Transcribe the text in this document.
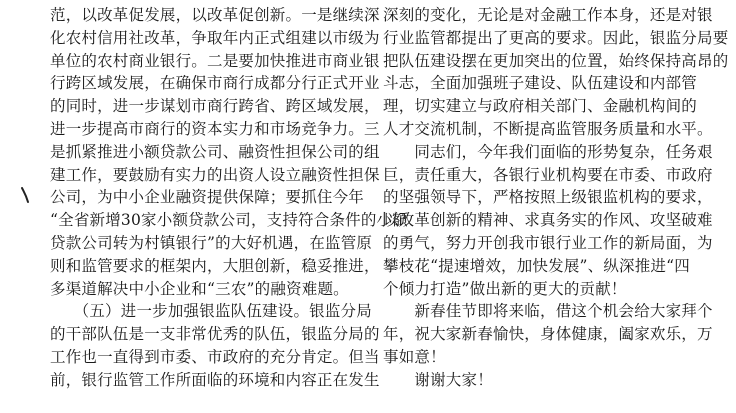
范，以改革促发展，以改革促创新。一是继续深
化农村信用社改革，争取年内正式组建以市级为
单位的农村商业银行。二是要加快推进市商业银
行跨区域发展，在确保市商行成都分行正式开业
的同时，进一步谋划市商行跨省、跨区域发展，
进一步提高市商行的资本实力和市场竞争力。三
是抓紧推进小额贷款公司、融资性担保公司的组
建工作，要鼓励有实力的出资人设立融资性担保
公司，为中小企业融资提供保障；要抓住今年
“全省新增30家小额贷款公司，支持符合条件的小额
贷款公司转为村镇银行”的大好机遇，在监管原
则和监管要求的框架内，大胆创新，稳妥推进，
多渠道解决中小企业和“三农”的融资难题。
　　（五）进一步加强银监队伍建设。银监分局
的干部队伍是一支非常优秀的队伍，银监分局的
工作也一直得到市委、市政府的充分肯定。但当
前，银行监管工作所面临的环境和内容正在发生
深刻的变化，无论是对金融工作本身，还是对银
行业监管都提出了更高的要求。因此，银监分局要
把队伍建设摆在更加突出的位置，始终保持高昂的
斗志，全面加强班子建设、队伍建设和内部管
理，切实建立与政府相关部门、金融机构间的
人才交流机制，不断提高监管服务质量和水平。
　　同志们，今年我们面临的形势复杂，任务艰
巨，责任重大，各银行业机构要在市委、市政府
的坚强领导下，严格按照上级银监机构的要求，
以改革创新的精神、求真务实的作风、攻坚破难
的勇气，努力开创我市银行业工作的新局面，为
攀枝花“提速增效，加快发展”、纵深推进“四
个倾力打造”做出新的更大的贡献！
　　新春佳节即将来临，借这个机会给大家拜个
年，祝大家新春愉快，身体健康，阖家欢乐，万
事如意！
　　谢谢大家！
